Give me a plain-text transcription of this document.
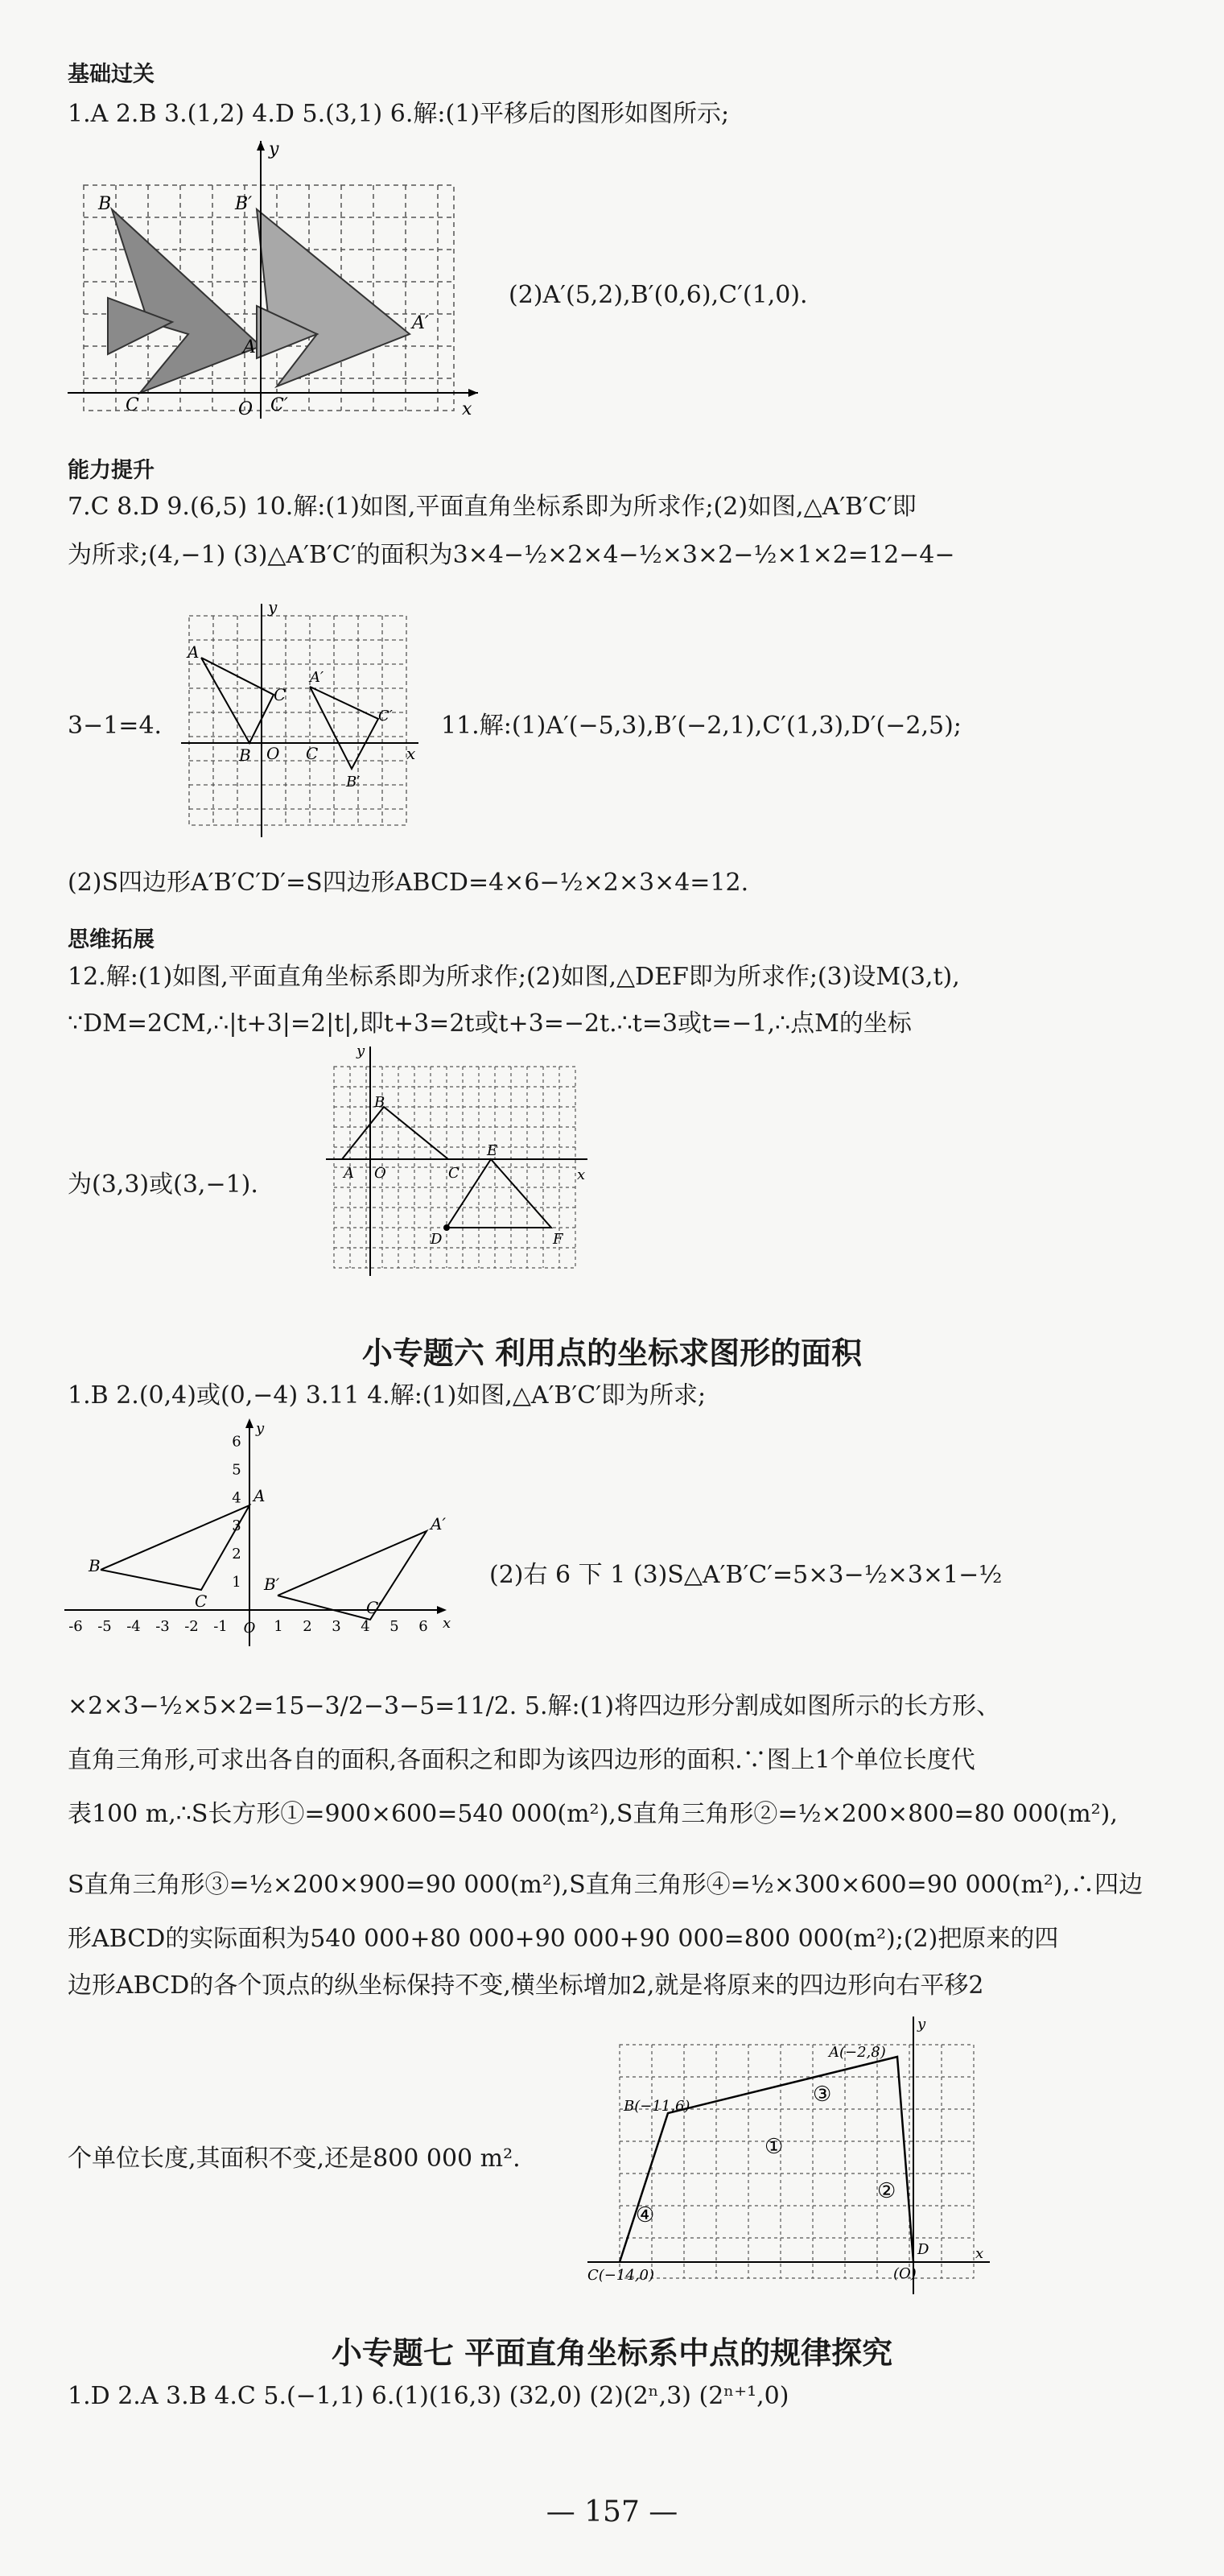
基础过关
1.A 2.B 3.(1,2) 4.D 5.(3,1) 6.解:(1)平移后的图形如图所示;
y
x
O
B
A
C
B′
A′
C′
(2)A′(5,2),B′(0,6),C′(1,0).
能力提升
7.C 8.D 9.(6,5) 10.解:(1)如图,平面直角坐标系即为所求作;(2)如图,△A′B′C′即
为所求;(4,−1) (3)△A′B′C′的面积为3×4−½×2×4−½×3×2−½×1×2=12−4−
y
x
O
A
B
C
A′
B′
C′
C
3−1=4.	11.解:(1)A′(−5,3),B′(−2,1),C′(1,3),D′(−2,5);
(2)S四边形A′B′C′D′=S四边形ABCD=4×6−½×2×3×4=12.
思维拓展
12.解:(1)如图,平面直角坐标系即为所求作;(2)如图,△DEF即为所求作;(3)设M(3,t),
∵DM=2CM,∴|t+3|=2|t|,即t+3=2t或t+3=−2t.∴t=3或t=−1,∴点M的坐标
y
x
O
A
B
C
D
E
F
为(3,3)或(3,−1).
小专题六 利用点的坐标求图形的面积
1.B 2.(0,4)或(0,−4) 3.11 4.解:(1)如图,△A′B′C′即为所求;
y
x
A
B
C
A′
B′
C′
O
-6 -5 -4 -3 -2 -1	1 2 3 4 5 6
1
2
3
4
5
6
(2)右 6 下 1 (3)S△A′B′C′=5×3−½×3×1−½
×2×3−½×5×2=15−3/2−3−5=11/2. 5.解:(1)将四边形分割成如图所示的长方形、
直角三角形,可求出各自的面积,各面积之和即为该四边形的面积.∵图上1个单位长度代
表100 m,∴S长方形①=900×600=540 000(m²),S直角三角形②=½×200×800=80 000(m²),
S直角三角形③=½×200×900=90 000(m²),S直角三角形④=½×300×600=90 000(m²),∴四边
形ABCD的实际面积为540 000+80 000+90 000+90 000=800 000(m²);(2)把原来的四
边形ABCD的各个顶点的纵坐标保持不变,横坐标增加2,就是将原来的四边形向右平移2
y
x
A(−2,8)
B(−11,6)
C(−14,0)	(O)
D
①
②
③
④
个单位长度,其面积不变,还是800 000 m².
小专题七 平面直角坐标系中点的规律探究
1.D 2.A 3.B 4.C 5.(−1,1) 6.(1)(16,3) (32,0) (2)(2ⁿ,3) (2ⁿ⁺¹,0)
— 157 —
